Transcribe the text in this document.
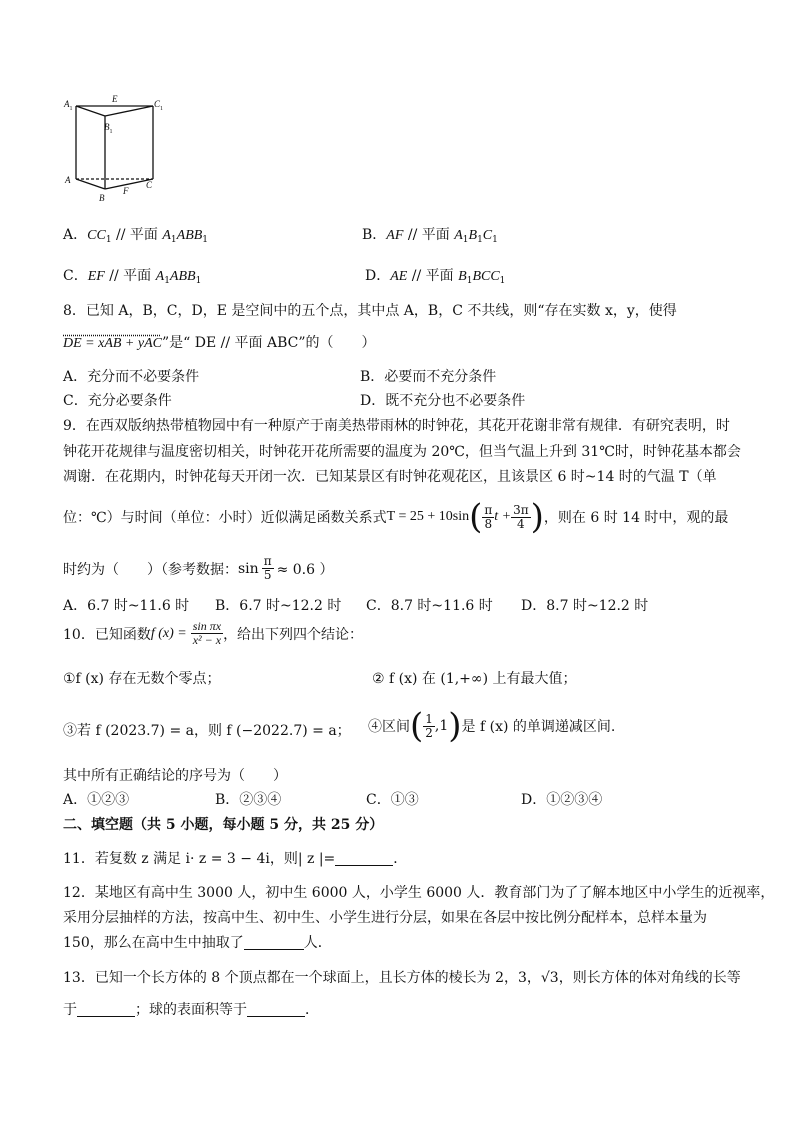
$A_1$
E	$C_1$
$B_1$
A
B
F
C
A．$CC_1$ // 平面 $A_1ABB_1$	B．AF // 平面 $A_1B_1C_1$
C．EF // 平面 $A_1ABB_1$	D．AE // 平面 $B_1BCC_1$
8．已知 A，B，C，D，E 是空间中的五个点，其中点 A，B，C 不共线，则“存在实数 x，y，使得
DE = xAB + yAC”是“ DE // 平面 ABC”的（　　）
A．充分而不必要条件	B．必要而不充分条件
C．充分必要条件	D．既不充分也不必要条件
9．在西双版纳热带植物园中有一种原产于南美热带雨林的时钟花，其花开花谢非常有规律．有研究表明，时
钟花开花规律与温度密切相关，时钟花开花所需要的温度为 20℃，但当气温上升到 31℃时，时钟花基本都会
凋谢．在花期内，时钟花每天开闭一次．已知某景区有时钟花观花区，且该景区 6 时~14 时的气温 T（单
位：℃）与时间（单位：小时）近似满足函数关系式 T = 25 + 10sin ( $\frac{\pi}{8}$ $t + \frac{3\pi}{4}$ ) ，则在 6 时 14 时中，观的最
时约为（　　）（参考数据： $\sin \frac{\pi}{5} \approx 0.6$ ）
A．6.7 时~11.6 时 B．6.7 时~12.2 时 C．8.7 时~11.6 时 D．8.7 时~12.2 时
10．已知函数 f $(x) = \frac{\text{sin πx}}{\text{x² − x}}$ ，给出下列四个结论：
①f (x) 存在无数个零点；	② f (x) 在 (1,+∞) 上有最大值；
③若 f (2023.7) = a，则 f (−2022.7) = a； ④区间 ( $\frac{1}{2} ,1$ ) 是 f (x) 的单调递减区间.
其中所有正确结论的序号为（　　）
A．①②③	B．②③④	C．①③	D．①②③④
二、填空题（共 5 小题，每小题 5 分，共 25 分）
11．若复数 z 满足 i· z = 3 − 4i，则| z |=	．
12．某地区有高中生 3000 人，初中生 6000 人，小学生 6000 人．教育部门为了了解本地区中小学生的近视率，
采用分层抽样的方法，按高中生、初中生、小学生进行分层，如果在各层中按比例分配样本，总样本量为
150，那么在高中生中抽取了	人．
13．已知一个长方体的 8 个顶点都在一个球面上，且长方体的棱长为 2，3，√3，则长方体的体对角线的长等
于	；球的表面积等于	．
